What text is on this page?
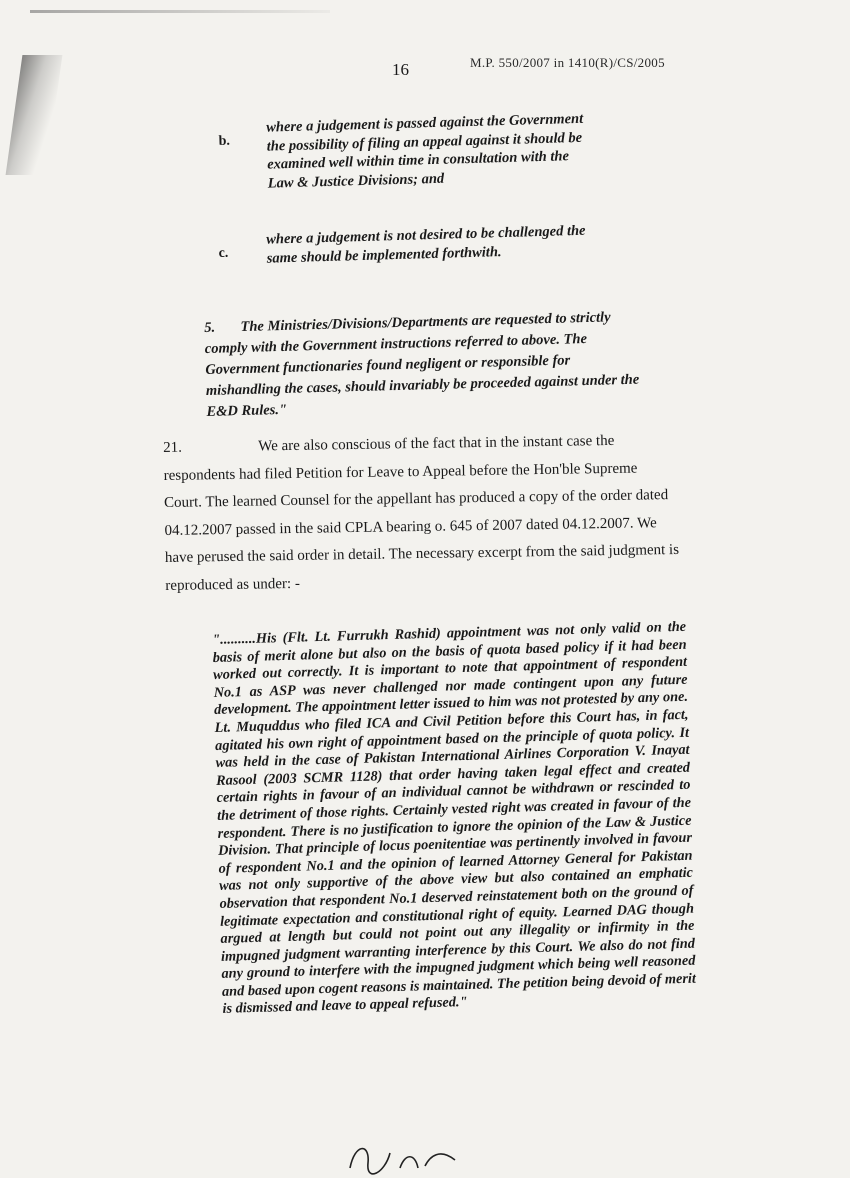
16	M.P. 550/2007 in 1410(R)/CS/2005
b.
where a judgement is passed against the Government the possibility of filing an appeal against it should be examined well within time in consultation with the Law & Justice Divisions; and
c.
where a judgement is not desired to be challenged the same should be implemented forthwith.
5. The Ministries/Divisions/Departments are requested to strictly comply with the Government instructions referred to above. The Government functionaries found negligent or responsible for mishandling the cases, should invariably be proceeded against under the E&D Rules."
21.	We are also conscious of the fact that in the instant case the respondents had filed Petition for Leave to Appeal before the Hon'ble Supreme Court. The learned Counsel for the appellant has produced a copy of the order dated 04.12.2007 passed in the said CPLA bearing o. 645 of 2007 dated 04.12.2007. We have perused the said order in detail. The necessary excerpt from the said judgment is reproduced as under: -
"..........His (Flt. Lt. Furrukh Rashid) appointment was not only valid on the basis of merit alone but also on the basis of quota based policy if it had been worked out correctly. It is important to note that appointment of respondent No.1 as ASP was never challenged nor made contingent upon any future development. The appointment letter issued to him was not protested by any one. Lt. Muquddus who filed ICA and Civil Petition before this Court has, in fact, agitated his own right of appointment based on the principle of quota policy. It was held in the case of Pakistan International Airlines Corporation V. Inayat Rasool (2003 SCMR 1128) that order having taken legal effect and created certain rights in favour of an individual cannot be withdrawn or rescinded to the detriment of those rights. Certainly vested right was created in favour of the respondent. There is no justification to ignore the opinion of the Law & Justice Division. That principle of locus poenitentiae was pertinently involved in favour of respondent No.1 and the opinion of learned Attorney General for Pakistan was not only supportive of the above view but also contained an emphatic observation that respondent No.1 deserved reinstatement both on the ground of legitimate expectation and constitutional right of equity. Learned DAG though argued at length but could not point out any illegality or infirmity in the impugned judgment warranting interference by this Court. We also do not find any ground to interfere with the impugned judgment which being well reasoned and based upon cogent reasons is maintained. The petition being devoid of merit is dismissed and leave to appeal refused."
